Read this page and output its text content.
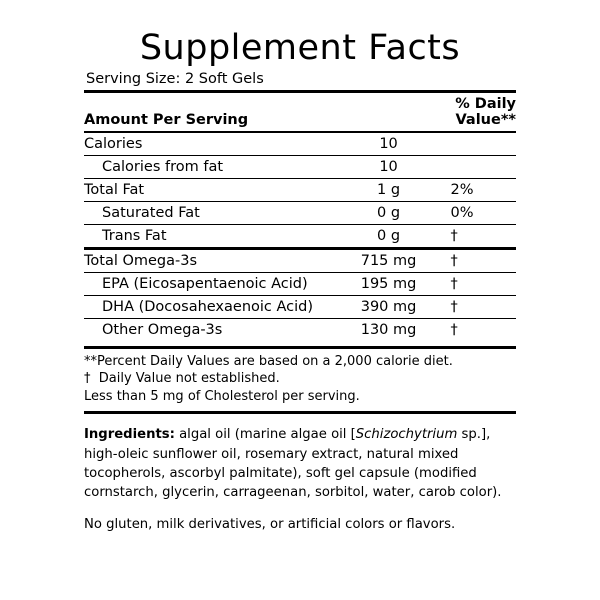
Supplement Facts
Serving Size: 2 Soft Gels
Amount Per Serving		% Daily Value**
Calories	10	
Calories from fat	10	
Total Fat	1 g	2%
Saturated Fat	0 g	0%
Trans Fat	0 g	†
Total Omega-3s	715 mg	†
EPA (Eicosapentaenoic Acid)	195 mg	†
DHA (Docosahexaenoic Acid)	390 mg	†
Other Omega-3s	130 mg	†
**Percent Daily Values are based on a 2,000 calorie diet.
†  Daily Value not established.
Less than 5 mg of Cholesterol per serving.
Ingredients: algal oil (marine algae oil [Schizochytrium sp.], high-oleic sunflower oil, rosemary extract, natural mixed tocopherols, ascorbyl palmitate), soft gel capsule (modified cornstarch, glycerin, carrageenan, sorbitol, water, carob color).
No gluten, milk derivatives, or artificial colors or flavors.
